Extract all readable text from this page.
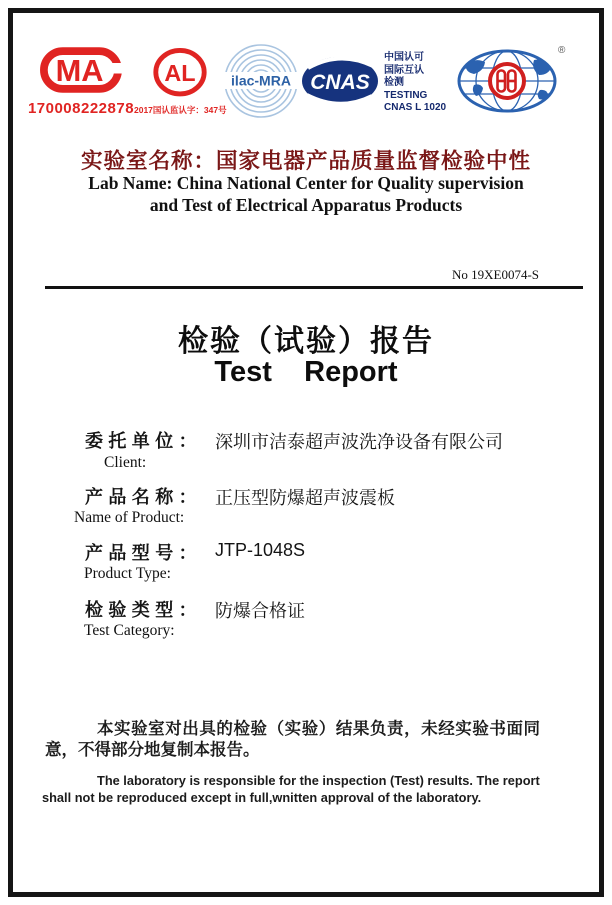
MA
170008222878
AL
2017国认监认字：347号
ilac-MRA CNAS
中国认可
国际互认
检测
TESTING
CNAS L 1020
®
实验室名称：国家电器产品质量监督检验中性
Lab Name: China National Center for Quality supervision
and Test of Electrical Apparatus Products
No 19XE0074-S
检验（试验）报告
Test    Report
委托单位： 深圳市洁泰超声波洗净设备有限公司
Client:
产品名称： 正压型防爆超声波震板
Name of Product:
产品型号： JTP-1048S
Product Type:
检验类型： 防爆合格证
Test Category:
本实验室对出具的检验（实验）结果负责，未经实验书面同意，不得部分地复制本报告。
The laboratory is responsible for the inspection (Test) results. The report shall not be reproduced except in full,wnitten approval of the laboratory.
